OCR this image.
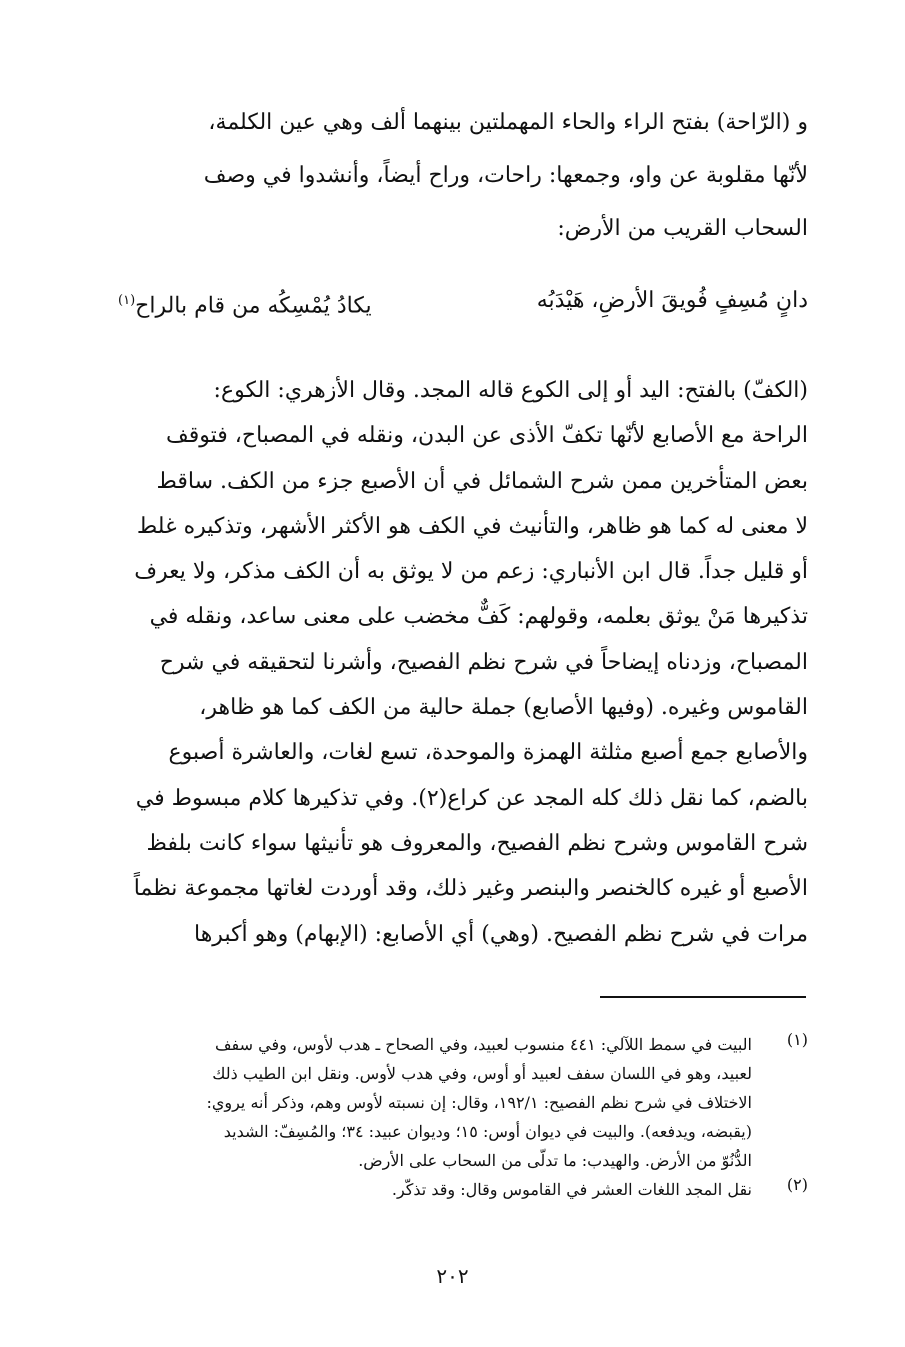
و (الرّاحة) بفتح الراء والحاء المهملتين بينهما ألف وهي عين الكلمة،
لأنّها مقلوبة عن واو، وجمعها: راحات، وراح أيضاً، وأنشدوا في وصف
السحاب القريب من الأرض:

دانٍ مُسِفٍ فُويقَ الأرضِ، هَيْدَبُه
يكادُ يُمْسِكُه من قام بالراح$^{(١)}$

(الكفّ) بالفتح: اليد أو إلى الكوع قاله المجد. وقال الأزهري: الكوع:
الراحة مع الأصابع لأنّها تكفّ الأذى عن البدن، ونقله في المصباح، فتوقف
بعض المتأخرين ممن شرح الشمائل في أن الأصبع جزء من الكف. ساقط
لا معنى له كما هو ظاهر، والتأنيث في الكف هو الأكثر الأشهر، وتذكيره غلط
أو قليل جداً. قال ابن الأنباري: زعم من لا يوثق به أن الكف مذكر، ولا يعرف
تذكيرها مَنْ يوثق بعلمه، وقولهم: كَفٌّ مخضب على معنى ساعد، ونقله في
المصباح، وزدناه إيضاحاً في شرح نظم الفصيح، وأشرنا لتحقيقه في شرح
القاموس وغيره. (وفيها الأصابع) جملة حالية من الكف كما هو ظاهر،
والأصابع جمع أصبع مثلثة الهمزة والموحدة، تسع لغات، والعاشرة أصبوع
بالضم، كما نقل ذلك كله المجد عن كراع(٢). وفي تذكيرها كلام مبسوط في
شرح القاموس وشرح نظم الفصيح، والمعروف هو تأنيثها سواء كانت بلفظ
الأصبع أو غيره كالخنصر والبنصر وغير ذلك، وقد أوردت لغاتها مجموعة نظماً
مرات في شرح نظم الفصيح. (وهي) أي الأصابع: (الإبهام) وهو أكبرها

(١)
البيت في سمط اللآلي: ٤٤١ منسوب لعبيد، وفي الصحاح ـ هدب لأوس، وفي سفف
لعبيد، وهو في اللسان سفف لعبيد أو أوس، وفي هدب لأوس. ونقل ابن الطيب ذلك
الاختلاف في شرح نظم الفصيح: ١٩٢/١، وقال: إن نسبته لأوس وهم، وذكر أنه يروي:
(يقبضه، ويدفعه). والبيت في ديوان أوس: ١٥؛ وديوان عبيد: ٣٤؛ والمُسِفّ: الشديد
الدُّنُوّ من الأرض. والهيدب: ما تدلّى من السحاب على الأرض.
(٢)
نقل المجد اللغات العشر في القاموس وقال: وقد تذكّر.
٢٠٢
